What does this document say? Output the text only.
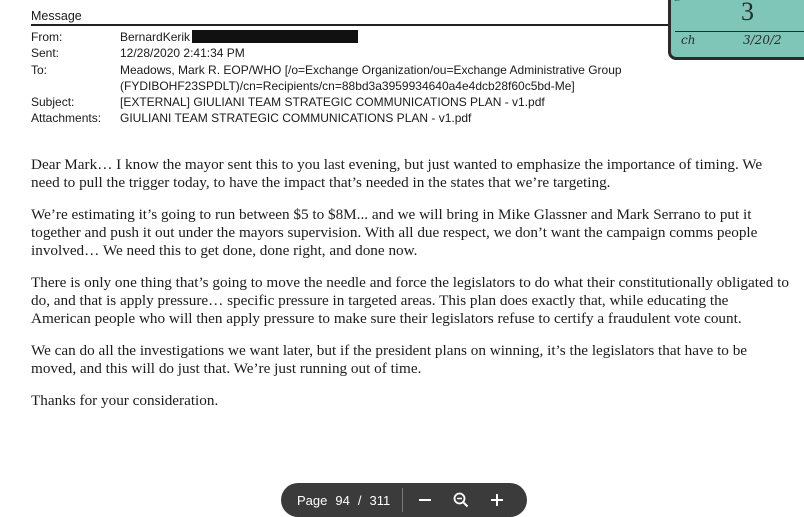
Message
From:	BernardKerik
Sent:	12/28/2020 2:41:34 PM
To:	Meadows, Mark R. EOP/WHO [/o=Exchange Organization/ou=Exchange Administrative Group
(FYDIBOHF23SPDLT)/cn=Recipients/cn=88bd3a3959934640a4e4dcb28f60c5bd-Me]
Subject:	[EXTERNAL] GIULIANI TEAM STRATEGIC COMMUNICATIONS PLAN - v1.pdf
Attachments:	GIULIANI TEAM STRATEGIC COMMUNICATIONS PLAN - v1.pdf

Dear Mark… I know the mayor sent this to you last evening, but just wanted to emphasize the importance of timing. We need to pull the trigger today, to have the impact that’s needed in the states that we’re targeting.

We’re estimating it’s going to run between $5 to $8M... and we will bring in Mike Glassner and Mark Serrano to put it together and push it out under the mayors supervision. With all due respect, we don’t want the campaign comms people involved… We need this to get done, done right, and done now.

There is only one thing that’s going to move the needle and force the legislators to do what their constitutionally obligated to do, and that is apply pressure… specific pressure in targeted areas. This plan does exactly that, while educating the American people who will then apply pressure to make sure their legislators refuse to certify a fraudulent vote count.

We can do all the investigations we want later, but if the president plans on winning, it’s the legislators that have to be moved, and this will do just that. We’re just running out of time.

Thanks for your consideration.

3
ch	3/20/2
Page 94 / 311
